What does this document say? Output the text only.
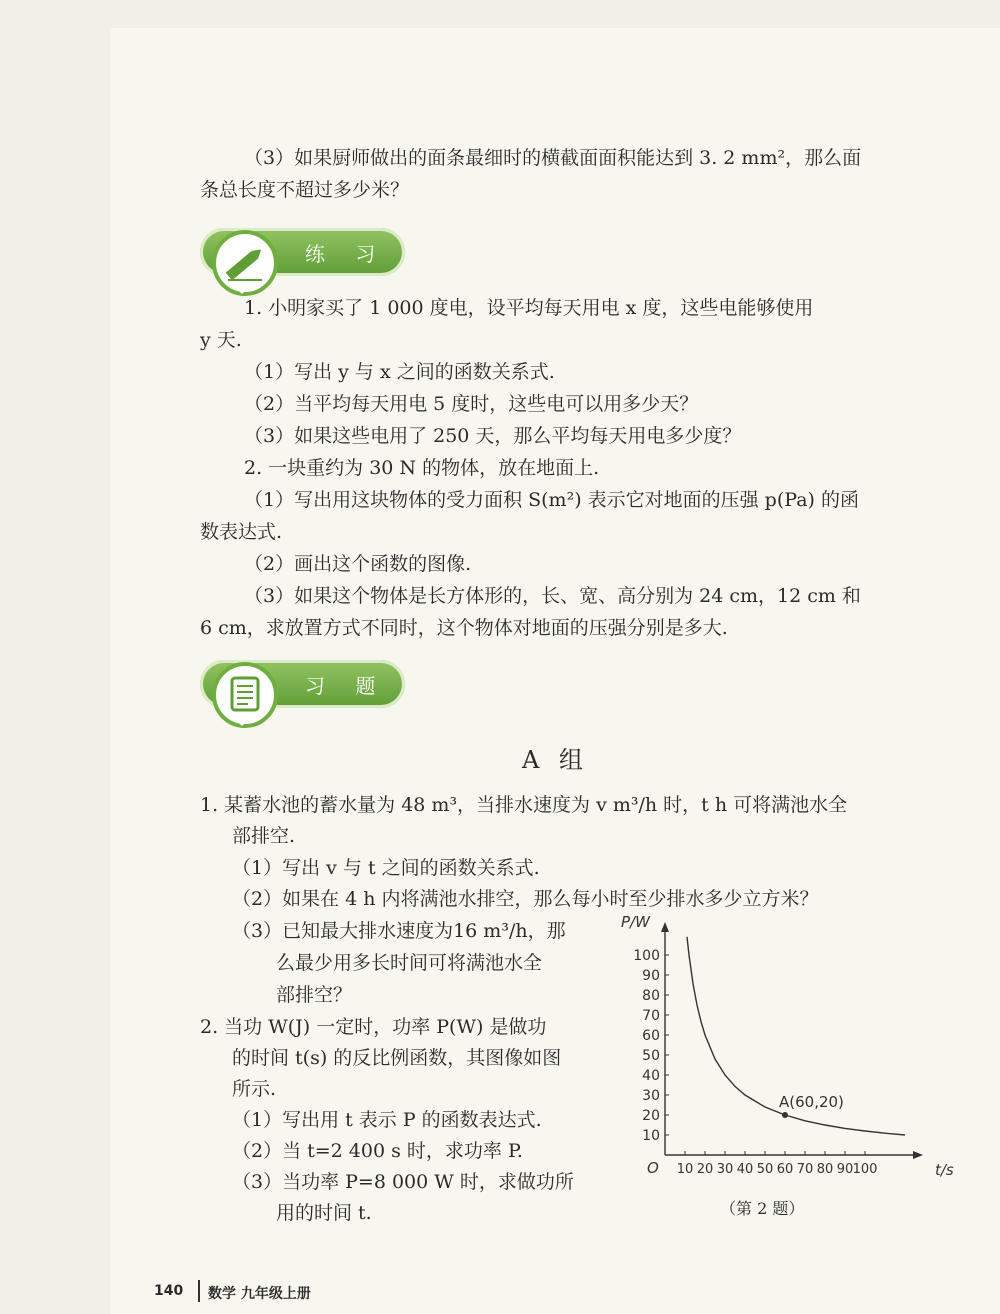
（3）如果厨师做出的面条最细时的横截面面积能达到 3. 2 mm²，那么面
条总长度不超过多少米？
练 习
1. 小明家买了 1 000 度电，设平均每天用电 x 度，这些电能够使用
y 天.
（1）写出 y 与 x 之间的函数关系式.
（2）当平均每天用电 5 度时，这些电可以用多少天？
（3）如果这些电用了 250 天，那么平均每天用电多少度？
2. 一块重约为 30 N 的物体，放在地面上.
（1）写出用这块物体的受力面积 S(m²) 表示它对地面的压强 p(Pa) 的函
数表达式.
（2）画出这个函数的图像.
（3）如果这个物体是长方体形的，长、宽、高分别为 24 cm，12 cm 和
6 cm，求放置方式不同时，这个物体对地面的压强分别是多大.
习 题
A 组
1. 某蓄水池的蓄水量为 48 m³，当排水速度为 v m³/h 时，t h 可将满池水全
部排空.
（1）写出 v 与 t 之间的函数关系式.
（2）如果在 4 h 内将满池水排空，那么每小时至少排水多少立方米？
（3）已知最大排水速度为16 m³/h，那
么最少用多长时间可将满池水全
部排空？
2. 当功 W(J) 一定时，功率 P(W) 是做功
的时间 t(s) 的反比例函数，其图像如图
所示.
（1）写出用 t 表示 P 的函数表达式.
（2）当 t=2 400 s 时，求功率 P.
（3）当功率 P=8 000 W 时，求做功所
用的时间 t.
10
20
30
40
50
60
70
80
90
100
10 20 30 40 50 60 70 80 90 100
P/W
t/s
O
A(60,20)
（第 2 题）
140 数学 九年级上册
